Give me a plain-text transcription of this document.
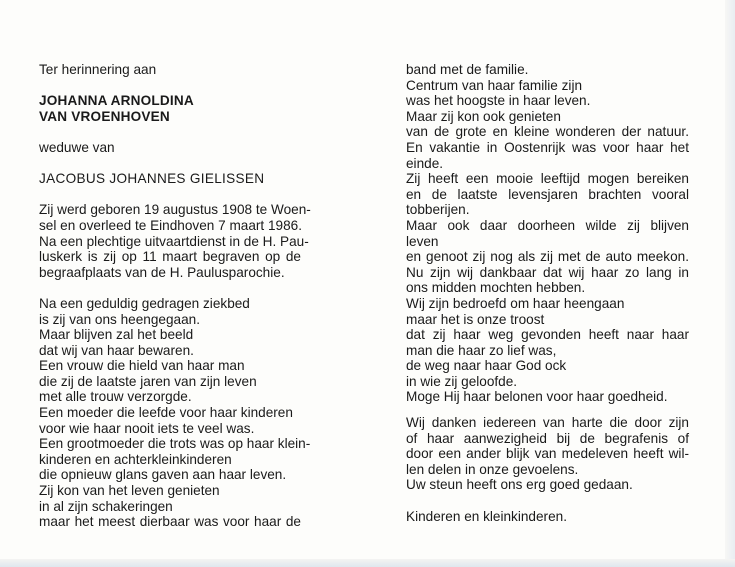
Ter herinnering aan
JOHANNA ARNOLDINA
VAN VROENHOVEN
weduwe van
JACOBUS JOHANNES GIELISSEN
Zij werd geboren 19 augustus 1908 te Woen-
sel en overleed te Eindhoven 7 maart 1986.
Na een plechtige uitvaartdienst in de H. Pau-
luskerk is zij op 11 maart begraven op de
begraafplaats van de H. Paulusparochie.
Na een geduldig gedragen ziekbed
is zij van ons heengegaan.
Maar blijven zal het beeld
dat wij van haar bewaren.
Een vrouw die hield van haar man
die zij de laatste jaren van zijn leven
met alle trouw verzorgde.
Een moeder die leefde voor haar kinderen
voor wie haar nooit iets te veel was.
Een grootmoeder die trots was op haar klein-
kinderen en achterkleinkinderen
die opnieuw glans gaven aan haar leven.
Zij kon van het leven genieten
in al zijn schakeringen
maar het meest dierbaar was voor haar de
band met de familie.
Centrum van haar familie zijn
was het hoogste in haar leven.
Maar zij kon ook genieten
van de grote en kleine wonderen der natuur.
En vakantie in Oostenrijk was voor haar het
einde.
Zij heeft een mooie leeftijd mogen bereiken
en de laatste levensjaren brachten vooral
tobberijen.
Maar ook daar doorheen wilde zij blijven
leven
en genoot zij nog als zij met de auto meekon.
Nu zijn wij dankbaar dat wij haar zo lang in
ons midden mochten hebben.
Wij zijn bedroefd om haar heengaan
maar het is onze troost
dat zij haar weg gevonden heeft naar haar
man die haar zo lief was,
de weg naar haar God ock
in wie zij geloofde.
Moge Hij haar belonen voor haar goedheid.
Wij danken iedereen van harte die door zijn
of haar aanwezigheid bij de begrafenis of
door een ander blijk van medeleven heeft wil-
len delen in onze gevoelens.
Uw steun heeft ons erg goed gedaan.
Kinderen en kleinkinderen.
